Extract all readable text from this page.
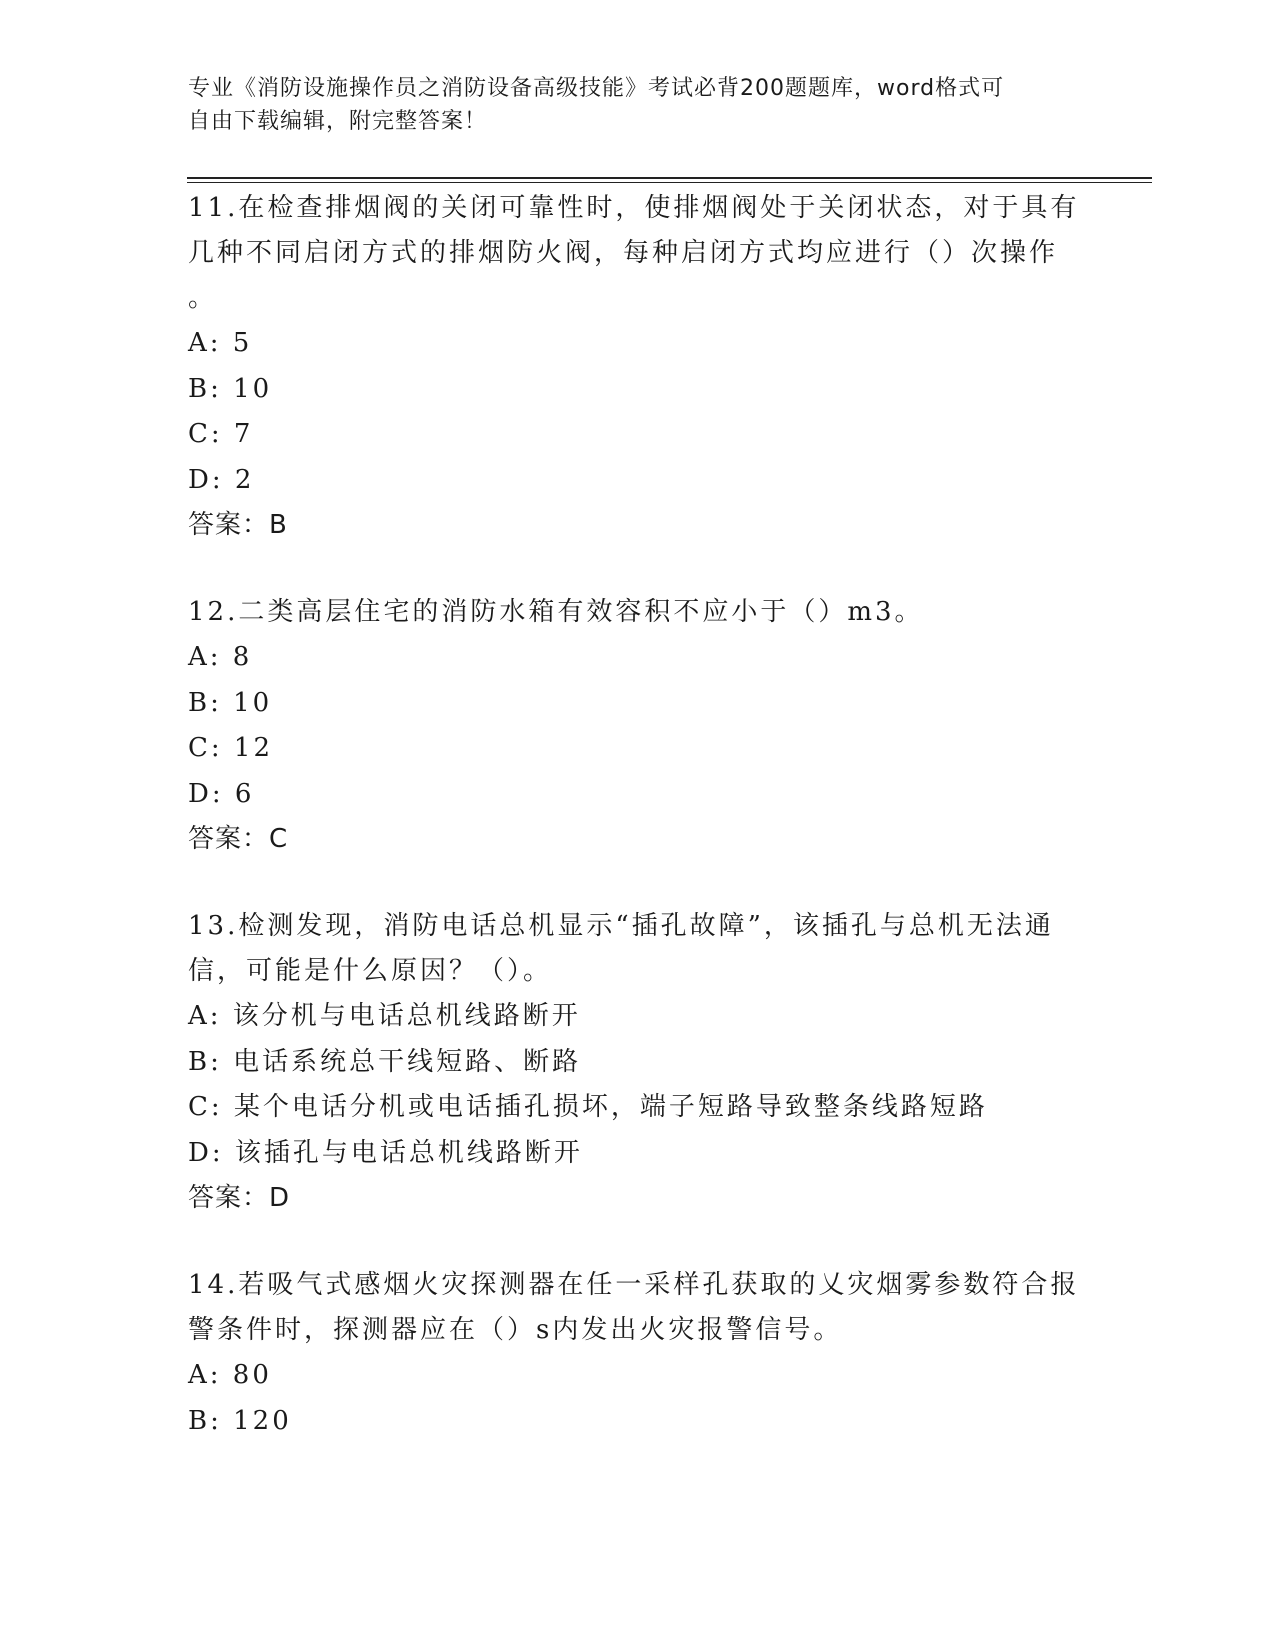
专业《消防设施操作员之消防设备高级技能》考试必背200题题库，word格式可
自由下载编辑，附完整答案！
11.在检查排烟阀的关闭可靠性时，使排烟阀处于关闭状态，对于具有
几种不同启闭方式的排烟防火阀，每种启闭方式均应进行（）次操作
。
A: 5
B: 10
C: 7
D: 2
答案：B
12.二类高层住宅的消防水箱有效容积不应小于（）m3。
A: 8
B: 10
C: 12
D: 6
答案：C
13.检测发现，消防电话总机显示“插孔故障”，该插孔与总机无法通
信，可能是什么原因？（）。
A: 该分机与电话总机线路断开
B: 电话系统总干线短路、断路
C: 某个电话分机或电话插孔损坏，端子短路导致整条线路短路
D: 该插孔与电话总机线路断开
答案：D
14.若吸气式感烟火灾探测器在任一采样孔获取的乂灾烟雾参数符合报
警条件时，探测器应在（）s内发出火灾报警信号。
A: 80
B: 120
